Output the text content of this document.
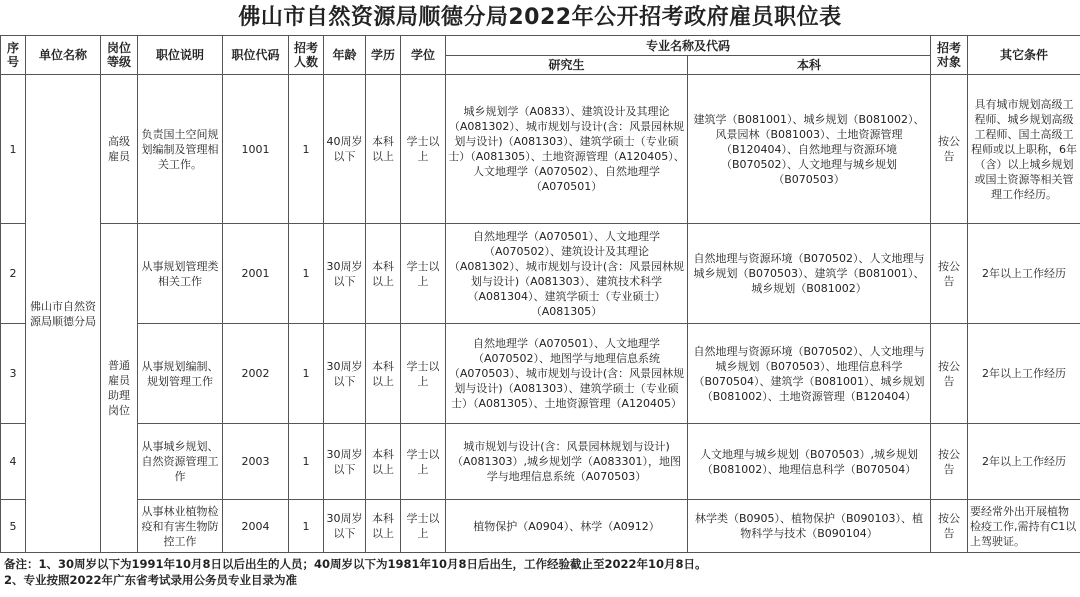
佛山市自然资源局顺德分局2022年公开招考政府雇员职位表
序号	单位名称	岗位等级	职位说明	职位代码	招考人数	年龄	学历	学位	专业名称及代码		招考对象	其它条件
									研究生	本科		
1	佛山市自然资源局顺德分局	高级雇员	负责国土空间规划编制及管理相关工作。	1001	1	40周岁以下	本科以上	学士以上	城乡规划学（A0833）、建筑设计及其理论（A081302）、城市规划与设计(含：风景园林规划与设计)（A081303）、建筑学硕士（专业硕士）（A081305）、土地资源管理（A120405）、人文地理学（A070502）、自然地理学（A070501）	建筑学（B081001）、城乡规划（B081002）、风景园林（B081003）、土地资源管理（B120404）、自然地理与资源环境（B070502）、人文地理与城乡规划（B070503）	按公告	具有城市规划高级工程师、城乡规划高级工程师、国土高级工程师或以上职称，6年（含）以上城乡规划或国土资源等相关管理工作经历。
2		普通雇员助理岗位	从事规划管理类相关工作	2001	1	30周岁以下	本科以上	学士以上	自然地理学（A070501）、人文地理学（A070502）、建筑设计及其理论（A081302）、城市规划与设计(含：风景园林规划与设计)（A081303）、建筑技术科学（A081304）、建筑学硕士（专业硕士）（A081305）	自然地理与资源环境（B070502）、人文地理与城乡规划（B070503）、建筑学（B081001）、城乡规划（B081002）	按公告	2年以上工作经历
3			从事规划编制、规划管理工作	2002	1	30周岁以下	本科以上	学士以上	自然地理学（A070501）、人文地理学（A070502）、地图学与地理信息系统（A070503）、城市规划与设计(含：风景园林规划与设计)（A081303）、建筑学硕士（专业硕士）（A081305）、土地资源管理（A120405）	自然地理与资源环境（B070502）、人文地理与城乡规划（B070503）、地理信息科学（B070504）、建筑学（B081001）、城乡规划（B081002）、土地资源管理（B120404）	按公告	2年以上工作经历
4			从事城乡规划、自然资源管理工作	2003	1	30周岁以下	本科以上	学士以上	城市规划与设计(含：风景园林规划与设计)（A081303）,城乡规划学（A083301），地图学与地理信息系统（A070503）	人文地理与城乡规划（B070503）,城乡规划（B081002）、地理信息科学（B070504）	按公告	2年以上工作经历
5			从事林业植物检疫和有害生物防控工作	2004	1	30周岁以下	本科以上	学士以上	植物保护（A0904）、林学（A0912）	林学类（B0905）、植物保护（B090103）、植物科学与技术（B090104）	按公告	要经常外出开展植物检疫工作,需持有C1以上驾驶证。
备注：1、30周岁以下为1991年10月8日以后出生的人员；40周岁以下为1981年10月8日后出生，工作经验截止至2022年10月8日。
2、专业按照2022年广东省考试录用公务员专业目录为准
